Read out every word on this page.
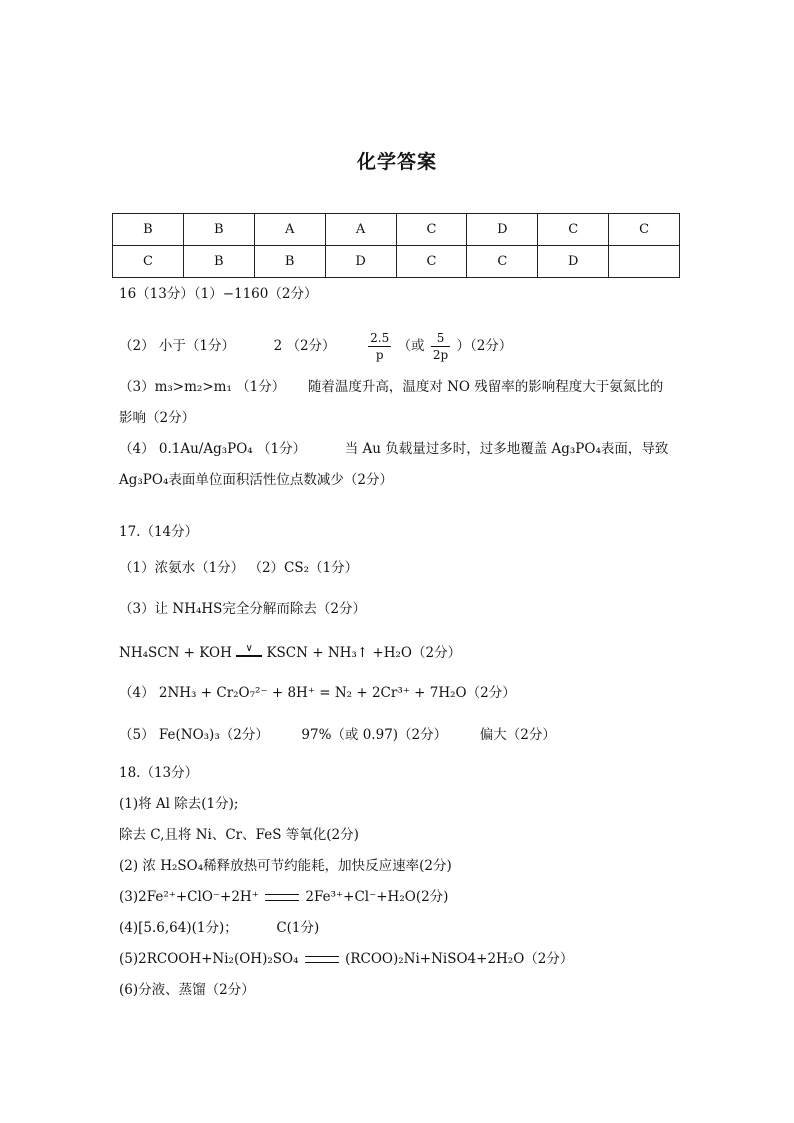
化学答案
B	B	A	A	C	D	C	C
C	B	B	D	C	C	D	
16（13分）（1）−1160（2分）
（2） 小于（1分）	2 （2分）	$\frac{2.5}{p}$ （或 $\frac{5}{2p} )(2$分）
（3）m₃>m₂>m₁ （1分） 随着温度升高，温度对 NO 残留率的影响程度大于氨氮比的
影响（2分）
（4） 0.1Au/Ag₃PO₄ （1分）	当 Au 负载量过多时，过多地覆盖 Ag₃PO₄表面，导致
Ag₃PO₄表面单位面积活性位点数减少（2分）
17.（14分）
（1）浓氨水（1分） （2）CS₂（1分）
（3）让 NH₄HS完全分解而除去（2分）
NH₄SCN + KOH	∨	KSCN + NH₃↑ +H₂O（2分）
（4） 2NH₃ + Cr₂O₇²⁻ + 8H⁺ = N₂ + 2Cr³⁺ + 7H₂O（2分）
（5） Fe(NO₃)₃（2分） 97%（或 0.97)（2分） 偏大（2分）
18.（13分）
(1)将 Al 除去(1分);
除去 C,且将 Ni、Cr、FeS 等氧化(2分)
(2) 浓 H₂SO₄稀释放热可节约能耗，加快反应速率(2分)
(3)2Fe²⁺+ClO⁻+2H⁺	2Fe³⁺+Cl⁻+H₂O(2分)
(4)[5.6,64)(1分)；	C(1分)
(5)2RCOOH+Ni₂(OH)₂SO₄	(RCOO)₂Ni+NiSO4+2H₂O（2分）
(6)分液、蒸馏（2分）
